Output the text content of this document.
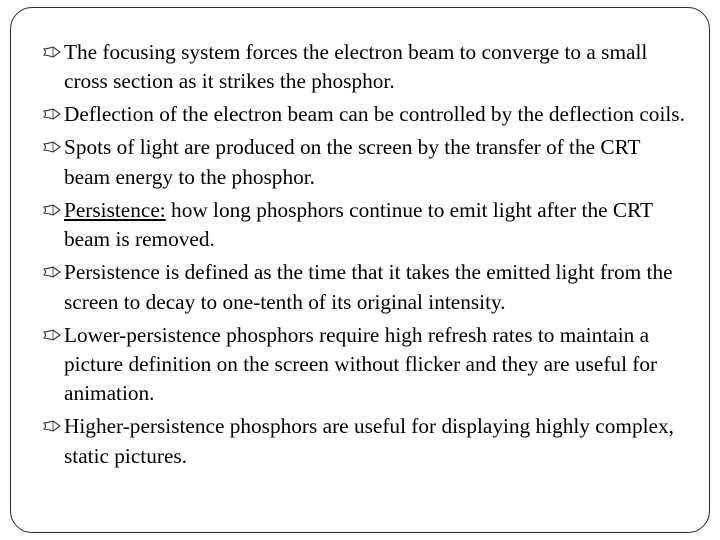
The focusing system forces the electron beam to converge to a small cross section as it strikes the phosphor.
Deflection of the electron beam can be controlled by the deflection coils.
Spots of light are produced on the screen by the transfer of the CRT beam energy to the phosphor.
Persistence: how long phosphors continue to emit light after the CRT beam is removed.
Persistence is defined as the time that it takes the emitted light from the screen to decay to one-tenth of its original intensity.
Lower-persistence phosphors require high refresh rates to maintain a picture definition on the screen without flicker and they are useful for animation.
Higher-persistence phosphors are useful for displaying highly complex, static pictures.
